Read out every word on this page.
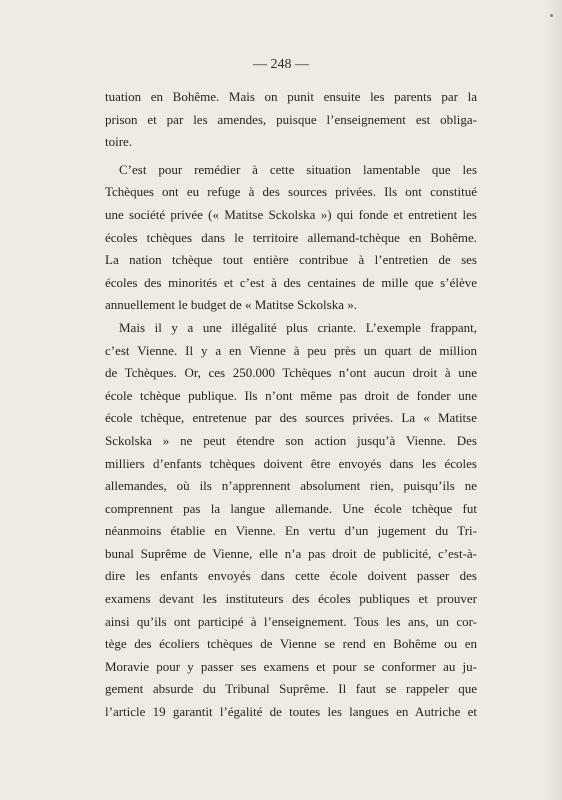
— 248 —
tuation en Bohême. Mais on punit ensuite les parents par la
prison et par les amendes, puisque l’enseignement est obliga-
toire.
C’est pour remédier à cette situation lamentable que les
Tchèques ont eu refuge à des sources privées. Ils ont constitué
une société privée (« Matitse Sckolska ») qui fonde et entretient les
écoles tchèques dans le territoire allemand-tchèque en Bohême.
La nation tchèque tout entière contribue à l’entretien de ses
écoles des minorités et c’est à des centaines de mille que s’élève
annuellement le budget de « Matitse Sckolska ».
Mais il y a une illégalité plus criante. L’exemple frappant,
c’est Vienne. Il y a en Vienne à peu près un quart de million
de Tchèques. Or, ces 250.000 Tchèques n’ont aucun droit à une
école tchèque publique. Ils n’ont même pas droit de fonder une
école tchèque, entretenue par des sources privées. La « Matitse
Sckolska » ne peut étendre son action jusqu’à Vienne. Des
milliers d’enfants tchèques doivent être envoyés dans les écoles
allemandes, où ils n’apprennent absolument rien, puisqu’ils ne
comprennent pas la langue allemande. Une école tchèque fut
néanmoins établie en Vienne. En vertu d’un jugement du Tri-
bunal Suprême de Vienne, elle n’a pas droit de publicité, c’est-à-
dire les enfants envoyés dans cette école doivent passer des
examens devant les instituteurs des écoles publiques et prouver
ainsi qu’ils ont participé à l’enseignement. Tous les ans, un cor-
tège des écoliers tchèques de Vienne se rend en Bohême ou en
Moravie pour y passer ses examens et pour se conformer au ju-
gement absurde du Tribunal Suprême. Il faut se rappeler que
l’article 19 garantit l’égalité de toutes les langues en Autriche et
